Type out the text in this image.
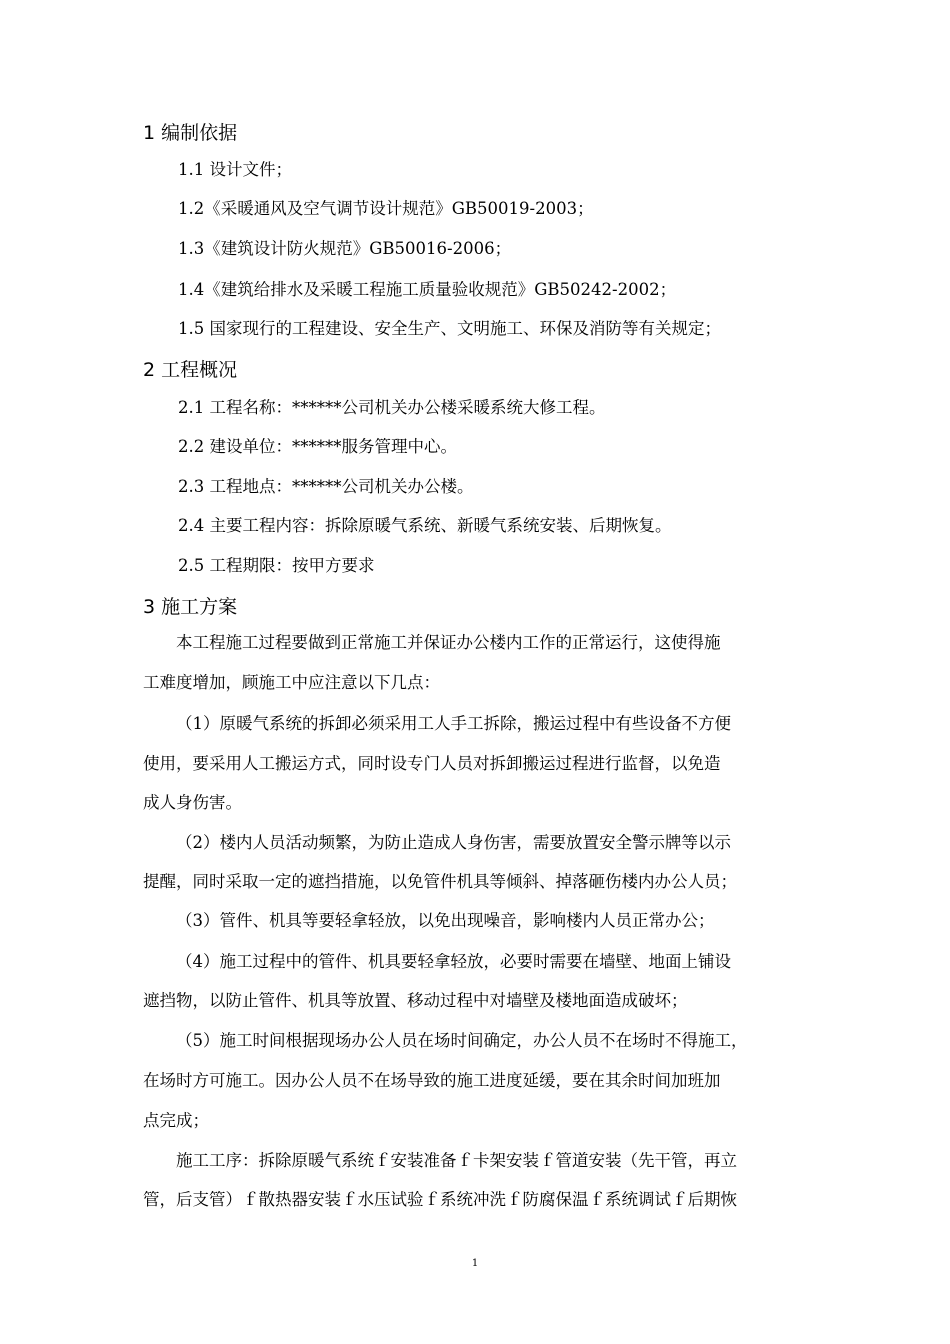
1 编制依据
1.1 设计文件；
1.2《采暖通风及空气调节设计规范》GB50019-2003；
1.3《建筑设计防火规范》GB50016-2006；
1.4《建筑给排水及采暖工程施工质量验收规范》GB50242-2002；
1.5 国家现行的工程建设、安全生产、文明施工、环保及消防等有关规定；
2 工程概况
2.1 工程名称：******公司机关办公楼采暖系统大修工程。
2.2 建设单位：******服务管理中心。
2.3 工程地点：******公司机关办公楼。
2.4 主要工程内容：拆除原暖气系统、新暖气系统安装、后期恢复。
2.5 工程期限：按甲方要求
3 施工方案
本工程施工过程要做到正常施工并保证办公楼内工作的正常运行，这使得施
工难度增加，顾施工中应注意以下几点：
（1）原暖气系统的拆卸必须采用工人手工拆除，搬运过程中有些设备不方便
使用，要采用人工搬运方式，同时设专门人员对拆卸搬运过程进行监督，以免造
成人身伤害。
（2）楼内人员活动频繁，为防止造成人身伤害，需要放置安全警示牌等以示
提醒，同时采取一定的遮挡措施，以免管件机具等倾斜、掉落砸伤楼内办公人员；
（3）管件、机具等要轻拿轻放，以免出现噪音，影响楼内人员正常办公；
（4）施工过程中的管件、机具要轻拿轻放，必要时需要在墙壁、地面上铺设
遮挡物，以防止管件、机具等放置、移动过程中对墙壁及楼地面造成破坏；
（5）施工时间根据现场办公人员在场时间确定，办公人员不在场时不得施工，
在场时方可施工。因办公人员不在场导致的施工进度延缓，要在其余时间加班加
点完成；
施工工序：拆除原暖气系统ｆ安装准备ｆ卡架安装ｆ管道安装（先干管，再立
管，后支管）ｆ散热器安装ｆ水压试验ｆ系统冲洗ｆ防腐保温ｆ系统调试ｆ后期恢
1
